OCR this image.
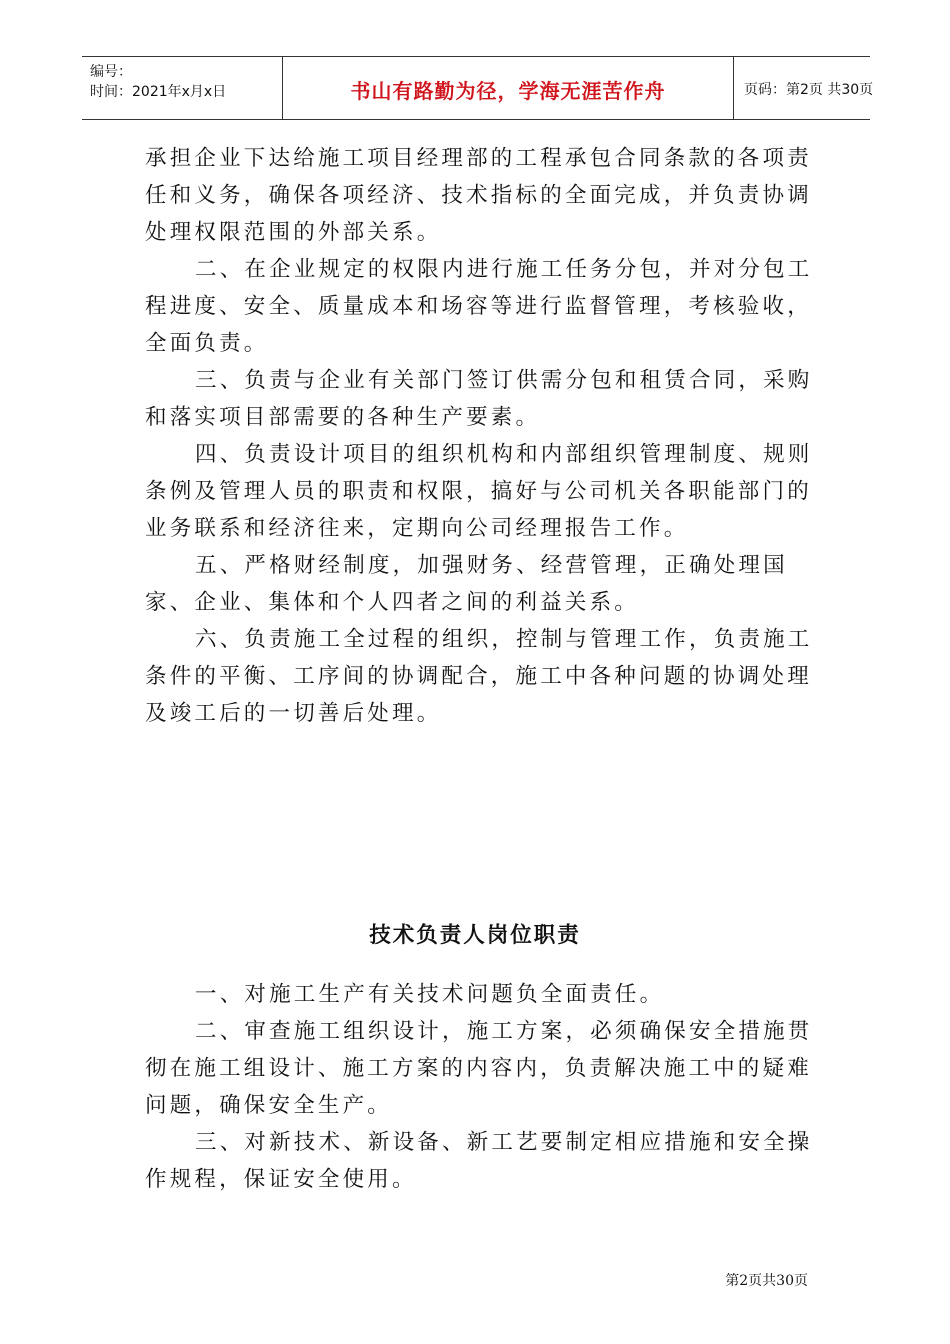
编号：
时间：2021年x月x日	书山有路勤为径，学海无涯苦作舟	页码：第2页 共30页

承担企业下达给施工项目经理部的工程承包合同条款的各项责任和义务，确保各项经济、技术指标的全面完成，并负责协调处理权限范围的外部关系。

二、在企业规定的权限内进行施工任务分包，并对分包工程进度、安全、质量成本和场容等进行监督管理，考核验收，全面负责。

三、负责与企业有关部门签订供需分包和租赁合同，采购和落实项目部需要的各种生产要素。

四、负责设计项目的组织机构和内部组织管理制度、规则条例及管理人员的职责和权限，搞好与公司机关各职能部门的业务联系和经济往来，定期向公司经理报告工作。

五、严格财经制度，加强财务、经营管理，正确处理国家、企业、集体和个人四者之间的利益关系。

六、负责施工全过程的组织，控制与管理工作，负责施工条件的平衡、工序间的协调配合，施工中各种问题的协调处理及竣工后的一切善后处理。

技术负责人岗位职责

一、对施工生产有关技术问题负全面责任。

二、审查施工组织设计，施工方案，必须确保安全措施贯彻在施工组设计、施工方案的内容内，负责解决施工中的疑难问题，确保安全生产。

三、对新技术、新设备、新工艺要制定相应措施和安全操作规程，保证安全使用。

第2页共30页
